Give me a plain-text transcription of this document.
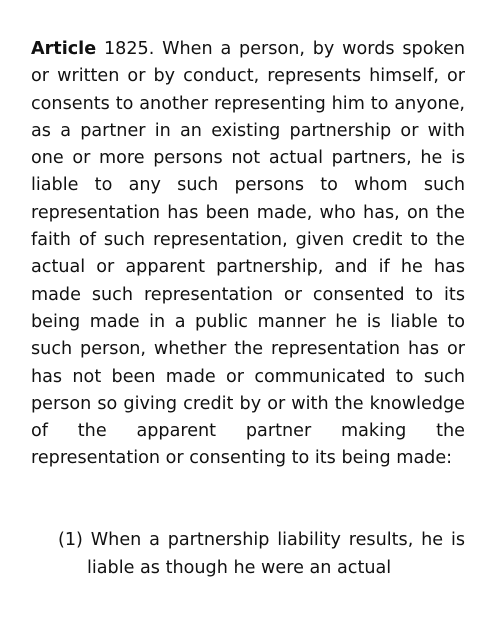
Article 1825. When a person, by words spoken or written or by conduct, represents himself, or consents to another representing him to anyone, as a partner in an existing partnership or with one or more persons not actual partners, he is liable to any such persons to whom such representation has been made, who has, on the faith of such representation, given credit to the actual or apparent partnership, and if he has made such representation or consented to its being made in a public manner he is liable to such person, whether the representation has or has not been made or communicated to such person so giving credit by or with the knowledge of the apparent partner making the representation or consenting to its being made:
(1) When a partnership liability results, he is liable as though he were an actual
